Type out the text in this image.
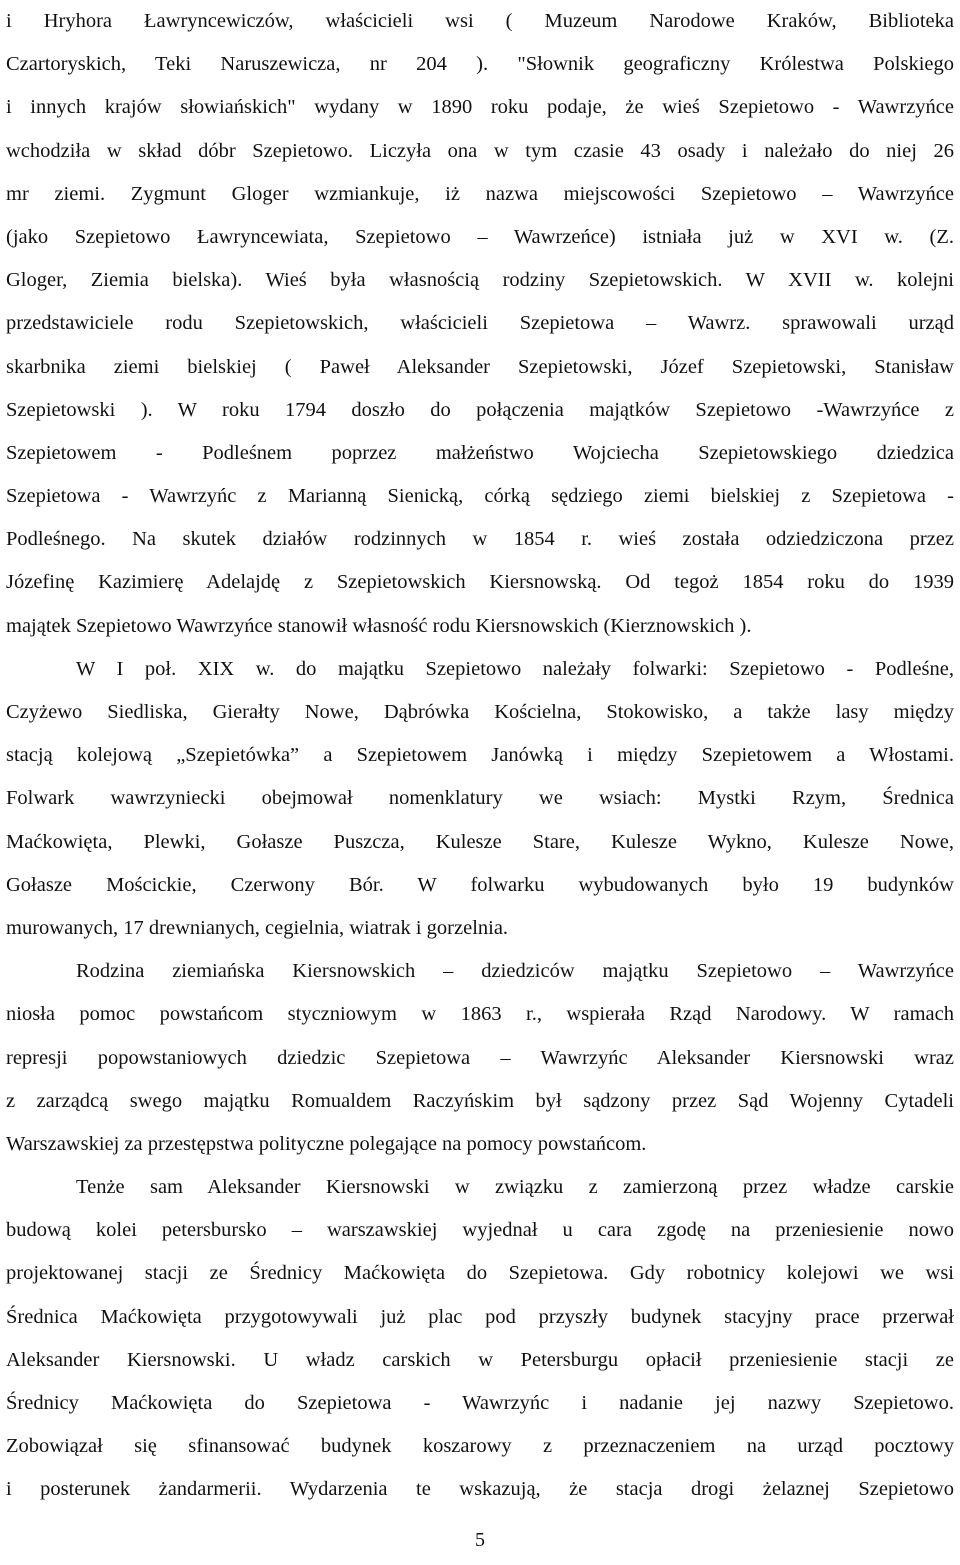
i Hryhora Ławryncewiczów, właścicieli wsi ( Muzeum Narodowe Kraków, Biblioteka
Czartoryskich, Teki Naruszewicza, nr 204 ). "Słownik geograficzny Królestwa Polskiego
i innych krajów słowiańskich" wydany w 1890 roku podaje, że wieś Szepietowo - Wawrzyńce
wchodziła w skład dóbr Szepietowo. Liczyła ona w tym czasie 43 osady i należało do niej 26
mr ziemi. Zygmunt Gloger wzmiankuje, iż nazwa miejscowości Szepietowo – Wawrzyńce
(jako Szepietowo Ławryncewiata, Szepietowo – Wawrzeńce) istniała już w XVI w. (Z.
Gloger, Ziemia bielska). Wieś była własnością rodziny Szepietowskich. W XVII w. kolejni
przedstawiciele rodu Szepietowskich, właścicieli Szepietowa – Wawrz. sprawowali urząd
skarbnika ziemi bielskiej ( Paweł Aleksander Szepietowski, Józef Szepietowski, Stanisław
Szepietowski ). W roku 1794 doszło do połączenia majątków Szepietowo -Wawrzyńce z
Szepietowem - Podleśnem poprzez małżeństwo Wojciecha Szepietowskiego dziedzica
Szepietowa - Wawrzyńc z Marianną Sienicką, córką sędziego ziemi bielskiej z Szepietowa -
Podleśnego. Na skutek działów rodzinnych w 1854 r. wieś została odziedziczona przez
Józefinę Kazimierę Adelajdę z Szepietowskich Kiersnowską. Od tegoż 1854 roku do 1939
majątek Szepietowo Wawrzyńce stanowił własność rodu Kiersnowskich (Kierznowskich ).
W I poł. XIX w. do majątku Szepietowo należały folwarki: Szepietowo - Podleśne,
Czyżewo Siedliska, Gierałty Nowe, Dąbrówka Kościelna, Stokowisko, a także lasy między
stacją kolejową „Szepietówka” a Szepietowem Janówką i między Szepietowem a Włostami.
Folwark wawrzyniecki obejmował nomenklatury we wsiach: Mystki Rzym, Średnica
Maćkowięta, Plewki, Gołasze Puszcza, Kulesze Stare, Kulesze Wykno, Kulesze Nowe,
Gołasze Mościckie, Czerwony Bór. W folwarku wybudowanych było 19 budynków
murowanych, 17 drewnianych, cegielnia, wiatrak i gorzelnia.
Rodzina ziemiańska Kiersnowskich – dziedziców majątku Szepietowo – Wawrzyńce
niosła pomoc powstańcom styczniowym w 1863 r., wspierała Rząd Narodowy. W ramach
represji popowstaniowych dziedzic Szepietowa – Wawrzyńc Aleksander Kiersnowski wraz
z zarządcą swego majątku Romualdem Raczyńskim był sądzony przez Sąd Wojenny Cytadeli
Warszawskiej za przestępstwa polityczne polegające na pomocy powstańcom.
Tenże sam Aleksander Kiersnowski w związku z zamierzoną przez władze carskie
budową kolei petersbursko – warszawskiej wyjednał u cara zgodę na przeniesienie nowo
projektowanej stacji ze Średnicy Maćkowięta do Szepietowa. Gdy robotnicy kolejowi we wsi
Średnica Maćkowięta przygotowywali już plac pod przyszły budynek stacyjny prace przerwał
Aleksander Kiersnowski. U władz carskich w Petersburgu opłacił przeniesienie stacji ze
Średnicy Maćkowięta do Szepietowa - Wawrzyńc i nadanie jej nazwy Szepietowo.
Zobowiązał się sfinansować budynek koszarowy z przeznaczeniem na urząd pocztowy
i posterunek żandarmerii. Wydarzenia te wskazują, że stacja drogi żelaznej Szepietowo
5
